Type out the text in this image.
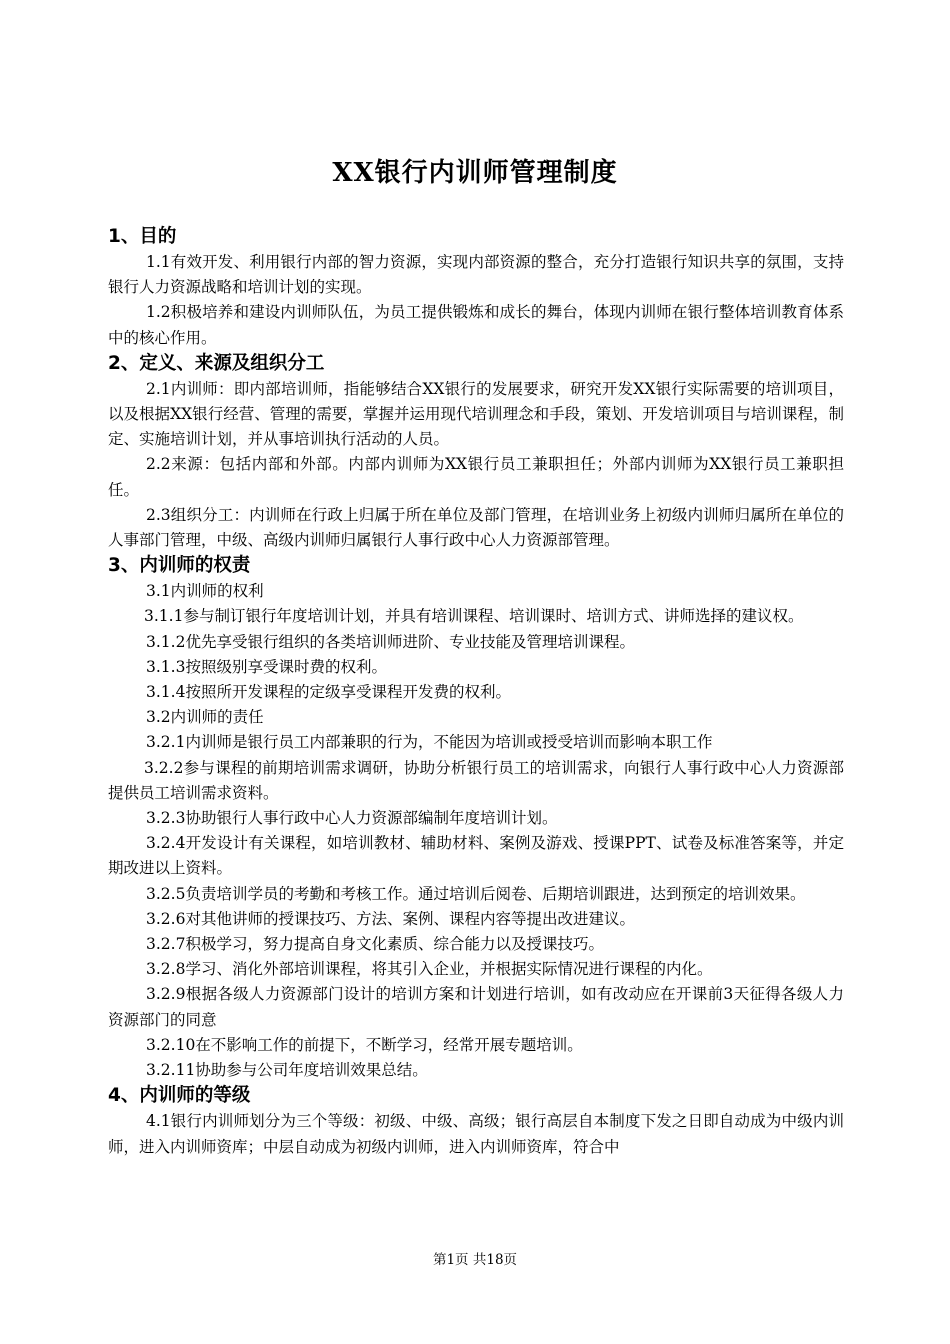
XX银行内训师管理制度
1、目的

1.1有效开发、利用银行内部的智力资源，实现内部资源的整合，充分打造银行知识共享的氛围，支持银行人力资源战略和培训计划的实现。

1.2积极培养和建设内训师队伍，为员工提供锻炼和成长的舞台，体现内训师在银行整体培训教育体系中的核心作用。

2、定义、来源及组织分工

2.1内训师：即内部培训师，指能够结合XX银行的发展要求，研究开发XX银行实际需要的培训项目，以及根据XX银行经营、管理的需要，掌握并运用现代培训理念和手段，策划、开发培训项目与培训课程，制定、实施培训计划，并从事培训执行活动的人员。

2.2来源：包括内部和外部。内部内训师为XX银行员工兼职担任；外部内训师为XX银行员工兼职担任。

2.3组织分工：内训师在行政上归属于所在单位及部门管理，在培训业务上初级内训师归属所在单位的人事部门管理，中级、高级内训师归属银行人事行政中心人力资源部管理。

3、内训师的权责

3.1内训师的权利

3.1.1参与制订银行年度培训计划，并具有培训课程、培训课时、培训方式、讲师选择的建议权。

3.1.2优先享受银行组织的各类培训师进阶、专业技能及管理培训课程。

3.1.3按照级别享受课时费的权利。

3.1.4按照所开发课程的定级享受课程开发费的权利。

3.2内训师的责任

3.2.1内训师是银行员工内部兼职的行为，不能因为培训或授受培训而影响本职工作

3.2.2参与课程的前期培训需求调研，协助分析银行员工的培训需求，向银行人事行政中心人力资源部提供员工培训需求资料。

3.2.3协助银行人事行政中心人力资源部编制年度培训计划。

3.2.4开发设计有关课程，如培训教材、辅助材料、案例及游戏、授课PPT、试卷及标准答案等，并定期改进以上资料。

3.2.5负责培训学员的考勤和考核工作。通过培训后阅卷、后期培训跟进，达到预定的培训效果。

3.2.6对其他讲师的授课技巧、方法、案例、课程内容等提出改进建议。

3.2.7积极学习，努力提高自身文化素质、综合能力以及授课技巧。

3.2.8学习、消化外部培训课程，将其引入企业，并根据实际情况进行课程的内化。

3.2.9根据各级人力资源部门设计的培训方案和计划进行培训，如有改动应在开课前3天征得各级人力资源部门的同意

3.2.10在不影响工作的前提下，不断学习，经常开展专题培训。

3.2.11协助参与公司年度培训效果总结。

4、内训师的等级

4.1银行内训师划分为三个等级：初级、中级、高级；银行高层自本制度下发之日即自动成为中级内训师，进入内训师资库；中层自动成为初级内训师，进入内训师资库，符合中

第1页 共18页
